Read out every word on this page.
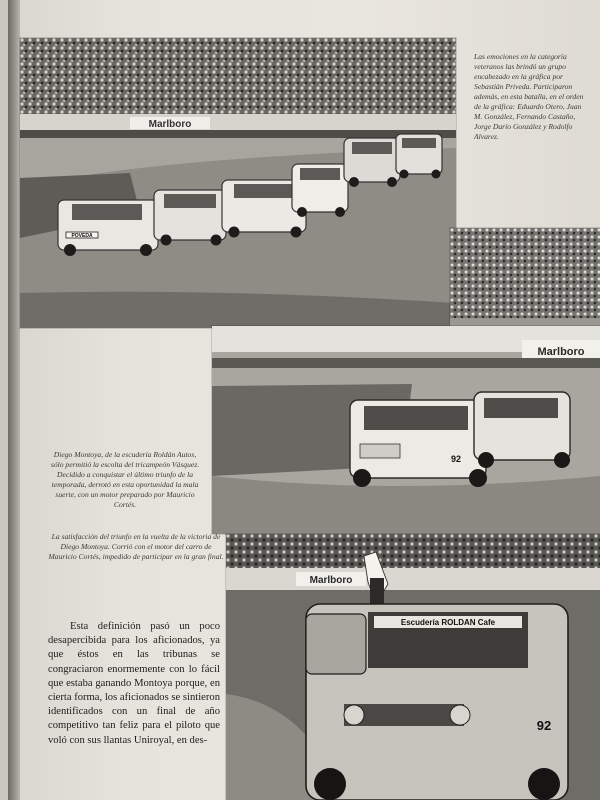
Marlboro
POVEDA
Las emociones en la categoría veteranos las brindó un grupo encabezado en la gráfica por Sebastián Priveda. Participaron además, en esta batalla, en el orden de la gráfica: Eduardo Otero, Juan M. González, Fernando Castaño, Jorge Darío González y Rodolfo Alvarez.
Marlboro
92
Diego Montoya, de la escudería Roldán Autos, sólo permitió la escolta del tricampeón Vásquez. Decidido a conquistar el último triunfo de la temporada, derrotó en esta oportunidad la mala suerte, con un motor preparado por Mauricio Cortés.
La satisfacción del triunfo en la vuelta de la victoria de Diego Montoya. Corrió con el motor del carro de Mauricio Cortés, impedido de participar en la gran final.
Marlboro
Escudería ROLDAN Cafe
92
Esta definición pasó un poco desapercibida para los aficionados, ya que éstos en las tribunas se congraciaron enormemente con lo fácil que estaba ganando Montoya porque, en cierta forma, los aficionados se sintieron identificados con un final de año competitivo tan feliz para el piloto que voló con sus llantas Uniroyal, en des-
